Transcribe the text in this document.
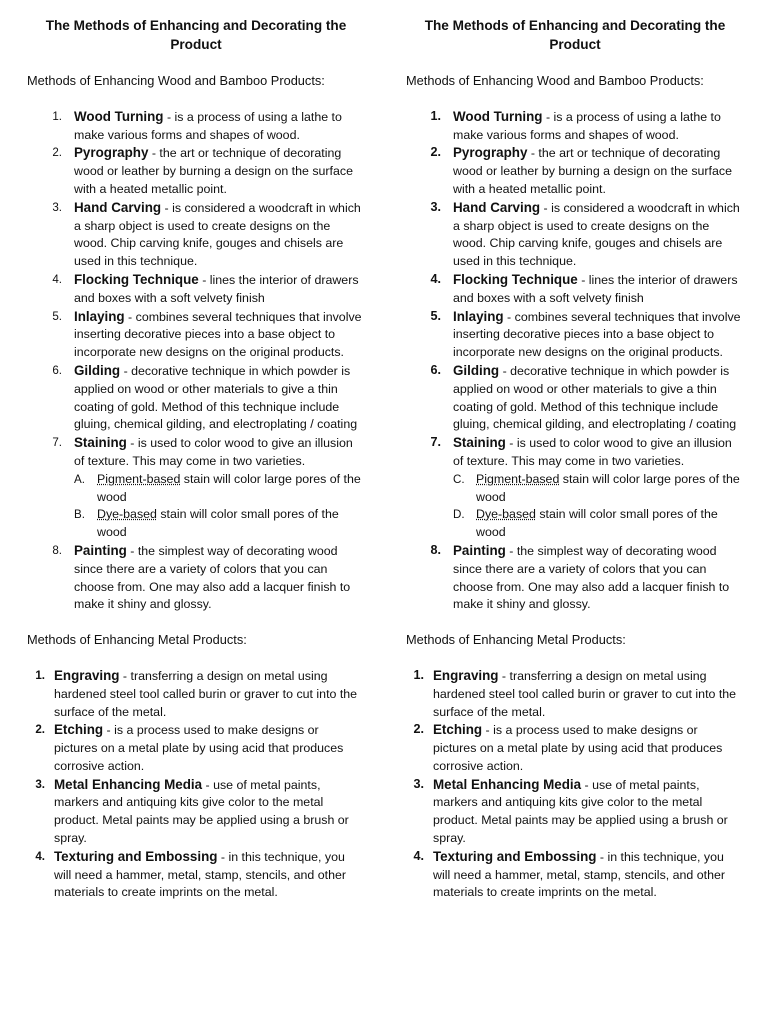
The Methods of Enhancing and Decorating the Product
Methods of Enhancing Wood and Bamboo Products:
1. Wood Turning - is a process of using a lathe to make various forms and shapes of wood.
2. Pyrography - the art or technique of decorating wood or leather by burning a design on the surface with a heated metallic point.
3. Hand Carving - is considered a woodcraft in which a sharp object is used to create designs on the wood. Chip carving knife, gouges and chisels are used in this technique.
4. Flocking Technique - lines the interior of drawers and boxes with a soft velvety finish
5. Inlaying - combines several techniques that involve inserting decorative pieces into a base object to incorporate new designs on the original products.
6. Gilding - decorative technique in which powder is applied on wood or other materials to give a thin coating of gold. Method of this technique include gluing, chemical gilding, and electroplating / coating
7. Staining - is used to color wood to give an illusion of texture. This may come in two varieties.
A. Pigment-based stain will color large pores of the wood
B. Dye-based stain will color small pores of the wood
8. Painting - the simplest way of decorating wood since there are a variety of colors that you can choose from. One may also add a lacquer finish to make it shiny and glossy.
Methods of Enhancing Metal Products:
1. Engraving - transferring a design on metal using hardened steel tool called burin or graver to cut into the surface of the metal.
2. Etching - is a process used to make designs or pictures on a metal plate by using acid that produces corrosive action.
3. Metal Enhancing Media - use of metal paints, markers and antiquing kits give color to the metal product. Metal paints may be applied using a brush or spray.
4. Texturing and Embossing - in this technique, you will need a hammer, metal, stamp, stencils, and other materials to create imprints on the metal.
The Methods of Enhancing and Decorating the Product
Methods of Enhancing Wood and Bamboo Products:
1. Wood Turning - is a process of using a lathe to make various forms and shapes of wood.
2. Pyrography - the art or technique of decorating wood or leather by burning a design on the surface with a heated metallic point.
3. Hand Carving - is considered a woodcraft in which a sharp object is used to create designs on the wood. Chip carving knife, gouges and chisels are used in this technique.
4. Flocking Technique - lines the interior of drawers and boxes with a soft velvety finish
5. Inlaying - combines several techniques that involve inserting decorative pieces into a base object to incorporate new designs on the original products.
6. Gilding - decorative technique in which powder is applied on wood or other materials to give a thin coating of gold. Method of this technique include gluing, chemical gilding, and electroplating / coating
7. Staining - is used to color wood to give an illusion of texture. This may come in two varieties.
C. Pigment-based stain will color large pores of the wood
D. Dye-based stain will color small pores of the wood
8. Painting - the simplest way of decorating wood since there are a variety of colors that you can choose from. One may also add a lacquer finish to make it shiny and glossy.
Methods of Enhancing Metal Products:
1. Engraving - transferring a design on metal using hardened steel tool called burin or graver to cut into the surface of the metal.
2. Etching - is a process used to make designs or pictures on a metal plate by using acid that produces corrosive action.
3. Metal Enhancing Media - use of metal paints, markers and antiquing kits give color to the metal product. Metal paints may be applied using a brush or spray.
4. Texturing and Embossing - in this technique, you will need a hammer, metal, stamp, stencils, and other materials to create imprints on the metal.
